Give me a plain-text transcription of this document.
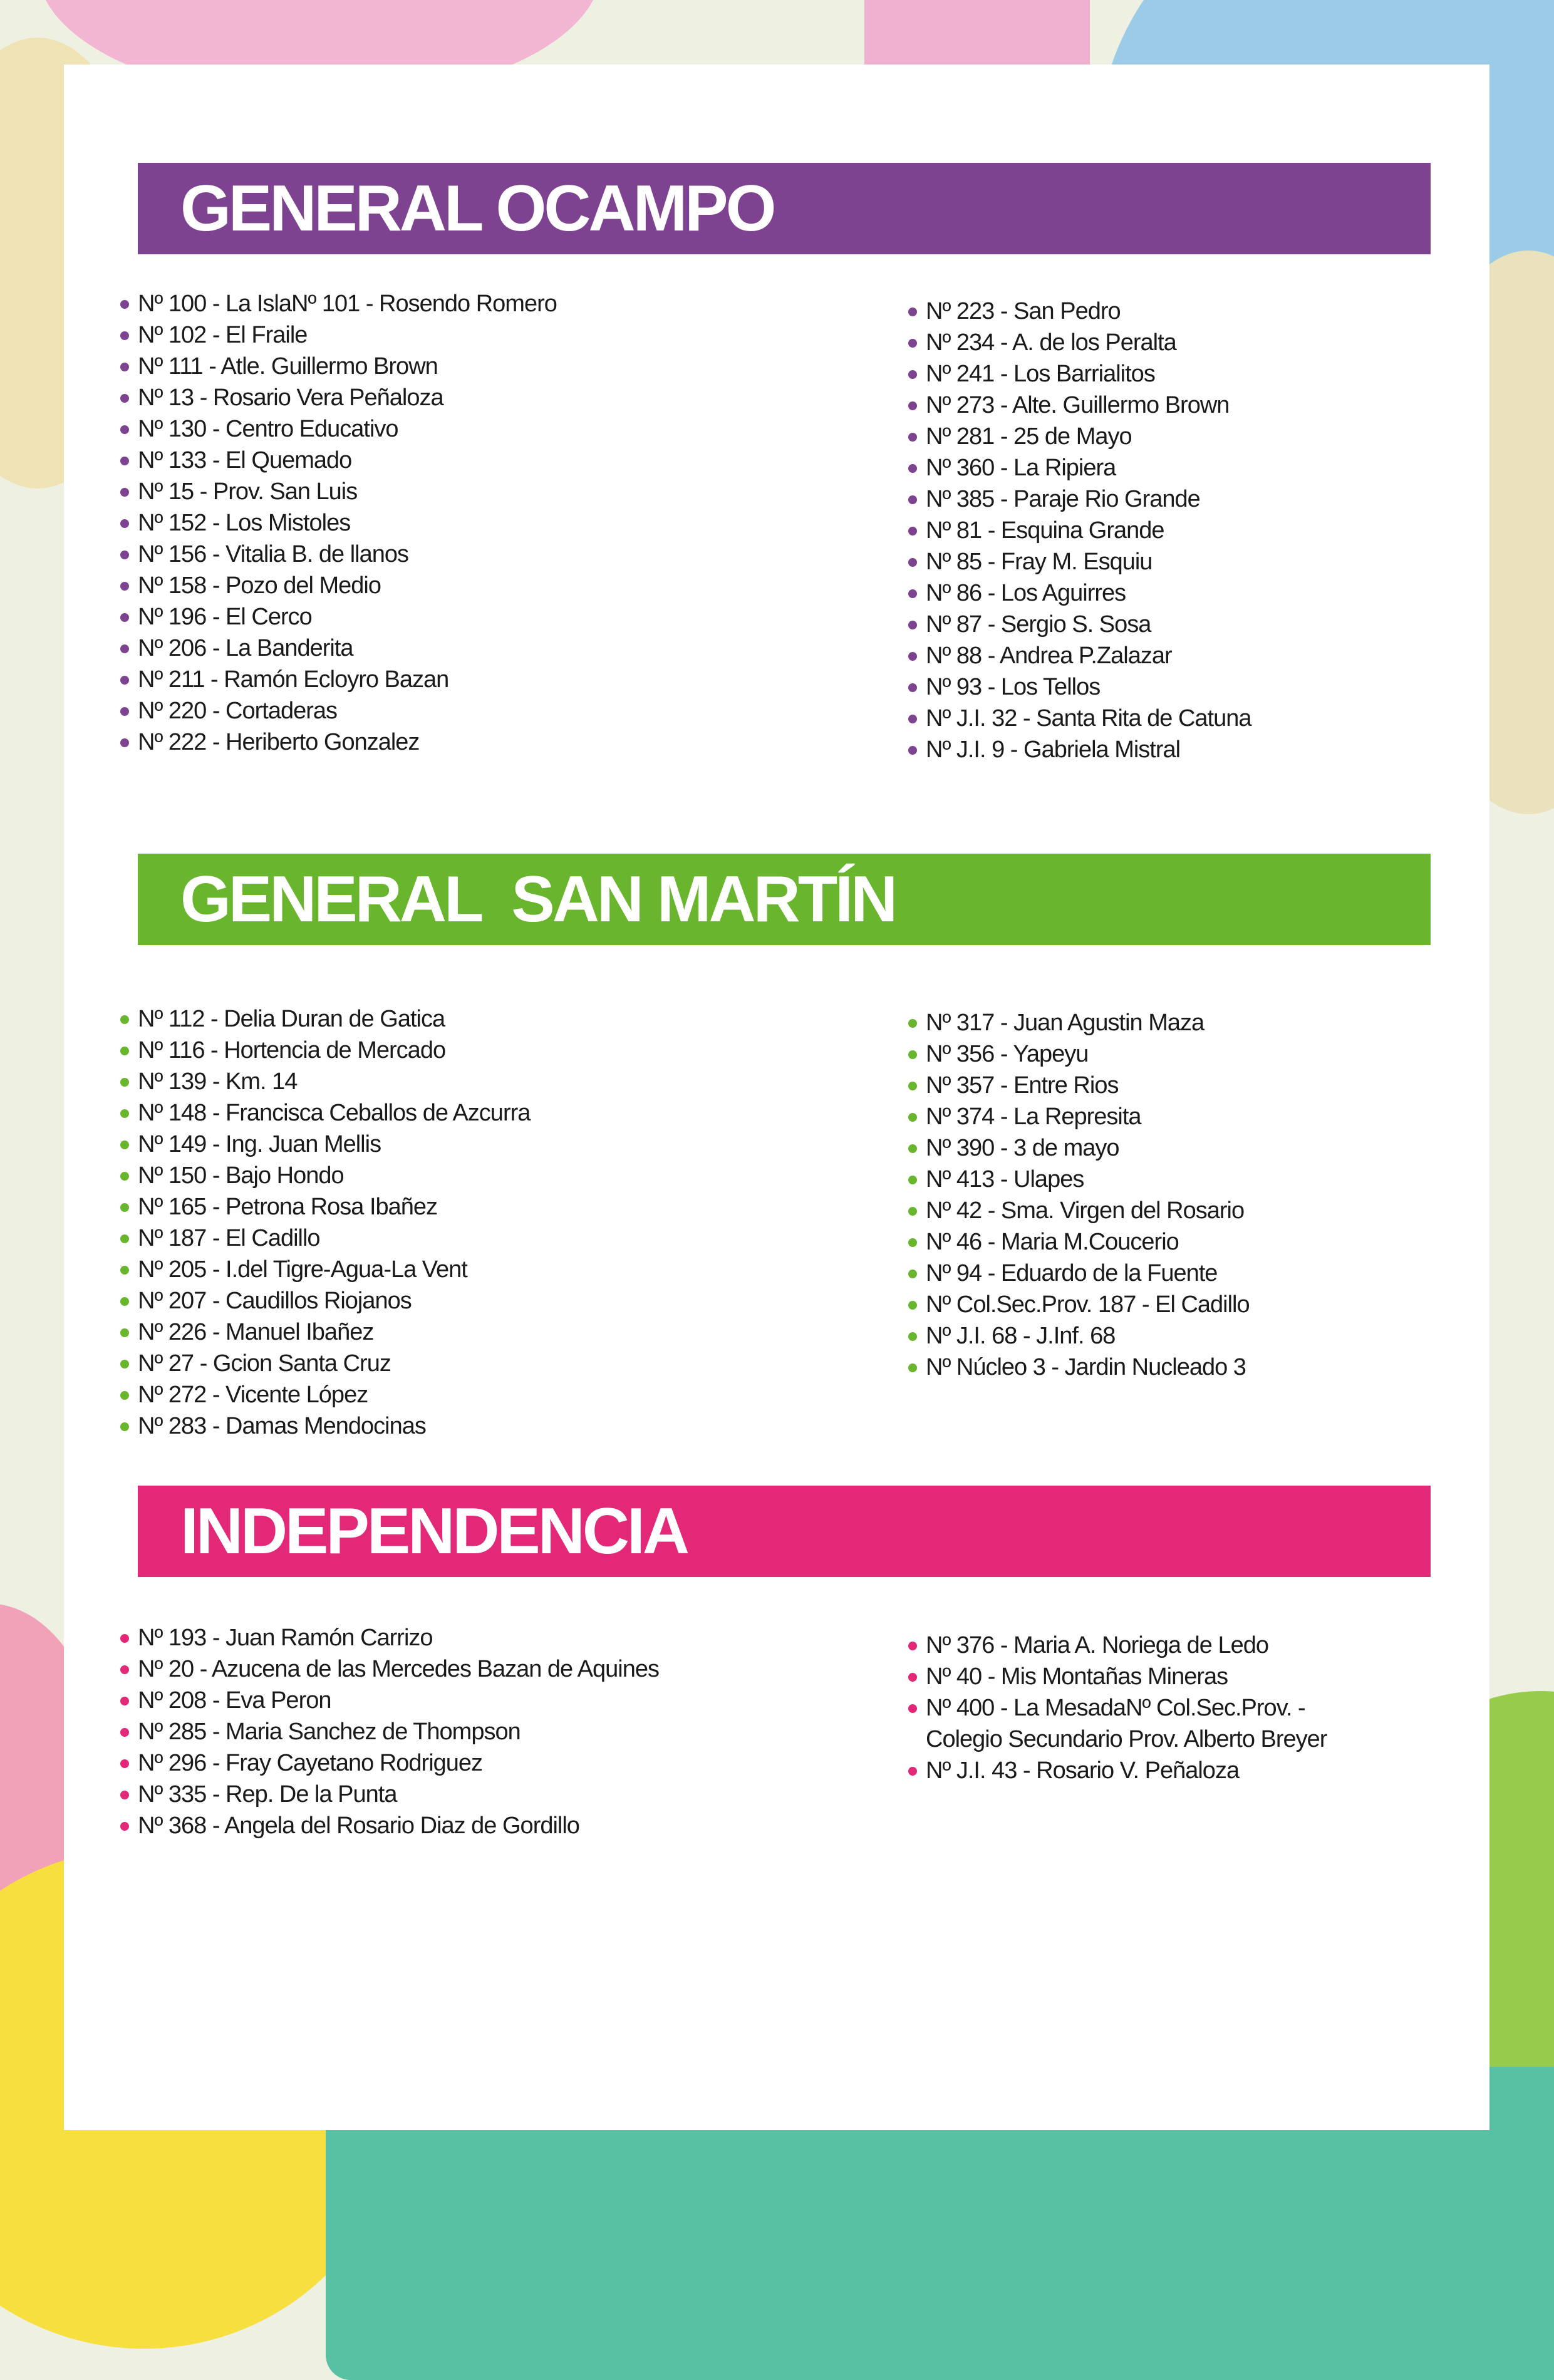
GENERAL OCAMPO
Nº 100 - La IslaNº 101 - Rosendo Romero
Nº 102 - El Fraile
Nº 111 - Atle. Guillermo Brown
Nº 13 - Rosario Vera Peñaloza
Nº 130 - Centro Educativo
Nº 133 - El Quemado
Nº 15 - Prov. San Luis
Nº 152 - Los Mistoles
Nº 156 - Vitalia B. de llanos
Nº 158 - Pozo del Medio
Nº 196 - El Cerco
Nº 206 - La Banderita
Nº 211 - Ramón Ecloyro Bazan
Nº 220 - Cortaderas
Nº 222 - Heriberto Gonzalez
Nº 223 - San Pedro
Nº 234 - A. de los Peralta
Nº 241 - Los Barrialitos
Nº 273 - Alte. Guillermo Brown
Nº 281 - 25 de Mayo
Nº 360 - La Ripiera
Nº 385 - Paraje Rio Grande
Nº 81 - Esquina Grande
Nº 85 - Fray M. Esquiu
Nº 86 - Los Aguirres
Nº 87 - Sergio S. Sosa
Nº 88 - Andrea P.Zalazar
Nº 93 - Los Tellos
Nº J.I. 32 - Santa Rita de Catuna
Nº J.I. 9 - Gabriela Mistral
GENERAL  SAN MARTÍN
Nº 112 - Delia Duran de Gatica
Nº 116 - Hortencia de Mercado
Nº 139 - Km. 14
Nº 148 - Francisca Ceballos de Azcurra
Nº 149 - Ing. Juan Mellis
Nº 150 - Bajo Hondo
Nº 165 - Petrona Rosa Ibañez
Nº 187 - El Cadillo
Nº 205 - I.del Tigre-Agua-La Vent
Nº 207 - Caudillos Riojanos
Nº 226 - Manuel Ibañez
Nº 27 - Gcion Santa Cruz
Nº 272 - Vicente López
Nº 283 - Damas Mendocinas
Nº 317 - Juan Agustin Maza
Nº 356 - Yapeyu
Nº 357 - Entre Rios
Nº 374 - La Represita
Nº 390 - 3 de mayo
Nº 413 - Ulapes
Nº 42 - Sma. Virgen del Rosario
Nº 46 - Maria M.Coucerio
Nº 94 - Eduardo de la Fuente
Nº Col.Sec.Prov. 187 - El Cadillo
Nº J.I. 68 - J.Inf. 68
Nº Núcleo 3 - Jardin Nucleado 3
INDEPENDENCIA
Nº 193 - Juan Ramón Carrizo
Nº 20 - Azucena de las Mercedes Bazan de Aquines
Nº 208 - Eva Peron
Nº 285 - Maria Sanchez de Thompson
Nº 296 - Fray Cayetano Rodriguez
Nº 335 - Rep. De la Punta
Nº 368 - Angela del Rosario Diaz de Gordillo
Nº 376 - Maria A. Noriega de Ledo
Nº 40 - Mis Montañas Mineras
Nº 400 - La MesadaNº Col.Sec.Prov. -
Colegio Secundario Prov. Alberto Breyer
Nº J.I. 43 - Rosario V. Peñaloza
